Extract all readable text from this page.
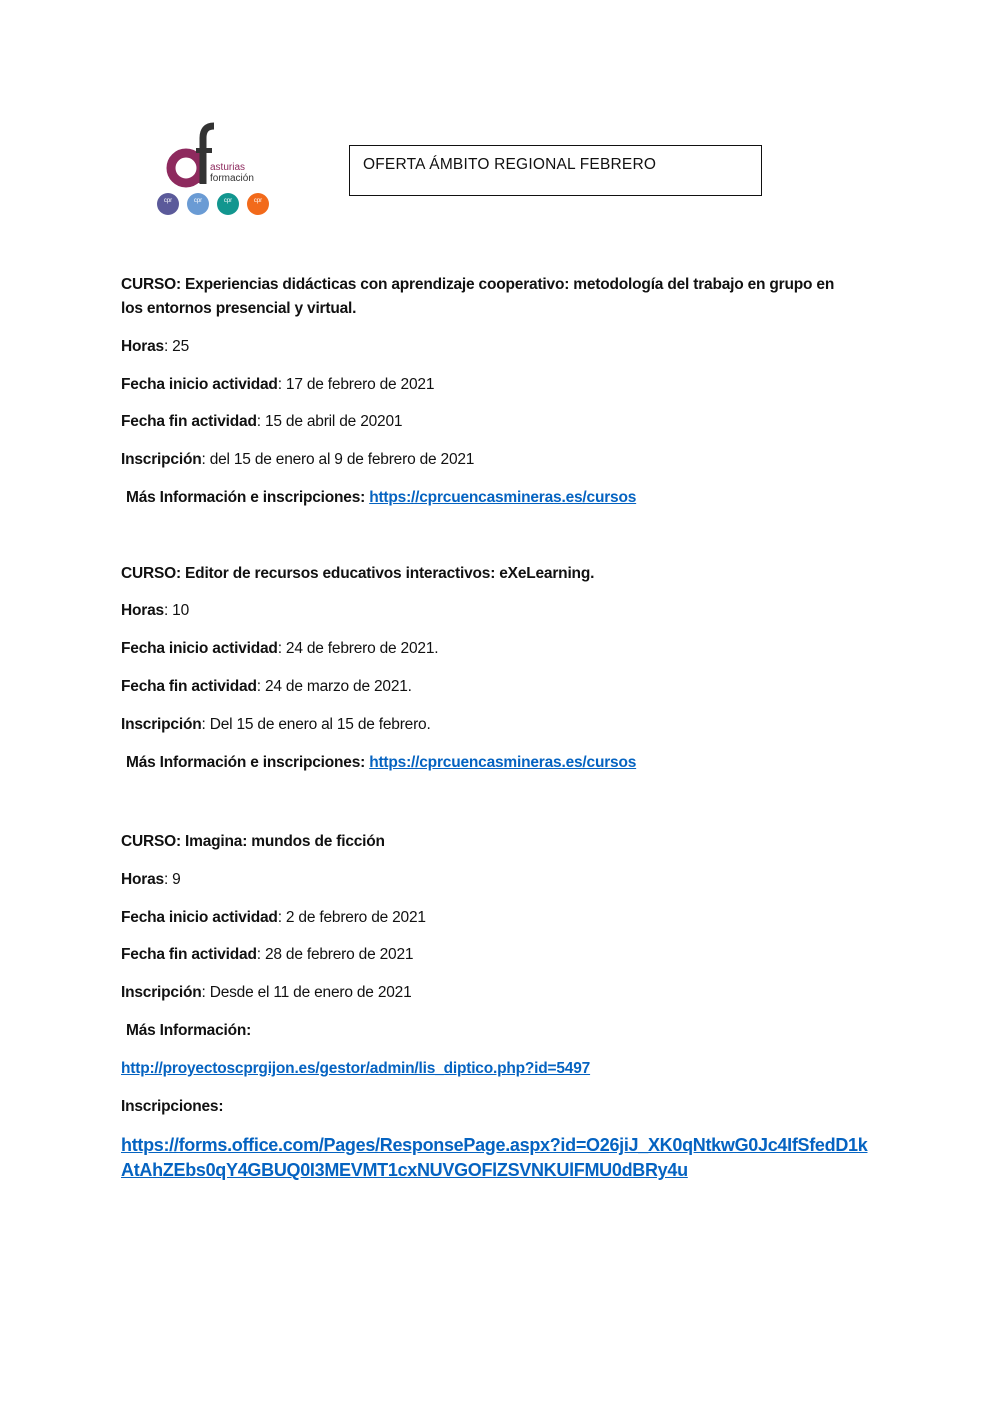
asturias
formación
cpr	cpr	cpr	cpr
OFERTA ÁMBITO REGIONAL FEBRERO
CURSO: Experiencias didácticas con aprendizaje cooperativo: metodología del trabajo en grupo en
los entornos presencial y virtual.
Horas: 25
Fecha inicio actividad: 17 de febrero de 2021
Fecha fin actividad: 15 de abril de 20201
Inscripción: del 15 de enero al 9 de febrero de 2021
Más Información e inscripciones: https://cprcuencasmineras.es/cursos
CURSO: Editor de recursos educativos interactivos: eXeLearning.
Horas: 10
Fecha inicio actividad: 24 de febrero de 2021.
Fecha fin actividad: 24 de marzo de 2021.
Inscripción: Del 15 de enero al 15 de febrero.
Más Información e inscripciones: https://cprcuencasmineras.es/cursos
CURSO: Imagina: mundos de ficción
Horas: 9
Fecha inicio actividad: 2 de febrero de 2021
Fecha fin actividad: 28 de febrero de 2021
Inscripción: Desde el 11 de enero de 2021
Más Información:
http://proyectoscprgijon.es/gestor/admin/lis_diptico.php?id=5497
Inscripciones:
https://forms.office.com/Pages/ResponsePage.aspx?id=O26jiJ_XK0qNtkwG0Jc4IfSfedD1k
AtAhZEbs0qY4GBUQ0I3MEVMT1cxNUVGOFlZSVNKUlFMU0dBRy4u
